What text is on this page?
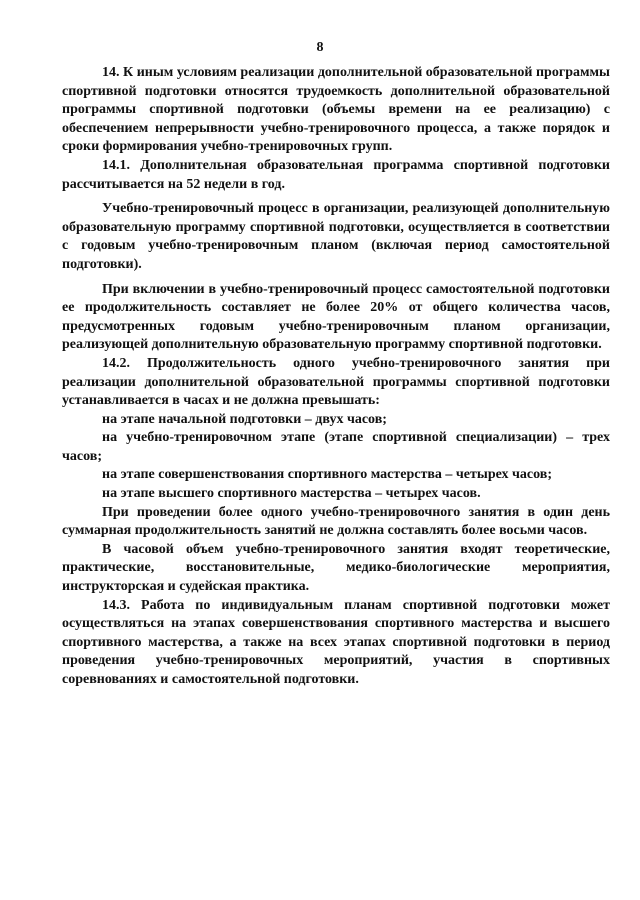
8

14. К иным условиям реализации дополнительной образовательной программы спортивной подготовки относятся трудоемкость дополнительной образовательной программы спортивной подготовки (объемы времени на ее реализацию) с обеспечением непрерывности учебно-тренировочного процесса, а также порядок и сроки формирования учебно-тренировочных групп.

14.1. Дополнительная образовательная программа спортивной подготовки рассчитывается на 52 недели в год.

Учебно-тренировочный процесс в организации, реализующей дополнительную образовательную программу спортивной подготовки, осуществляется в соответствии с годовым учебно-тренировочным планом (включая период самостоятельной подготовки).

При включении в учебно-тренировочный процесс самостоятельной подготовки ее продолжительность составляет не более 20% от общего количества часов, предусмотренных годовым учебно-тренировочным планом организации, реализующей дополнительную образовательную программу спортивной подготовки.

14.2. Продолжительность одного учебно-тренировочного занятия при реализации дополнительной образовательной программы спортивной подготовки устанавливается в часах и не должна превышать:

на этапе начальной подготовки – двух часов;

на учебно-тренировочном этапе (этапе спортивной специализации) – трех часов;

на этапе совершенствования спортивного мастерства – четырех часов;

на этапе высшего спортивного мастерства – четырех часов.

При проведении более одного учебно-тренировочного занятия в один день суммарная продолжительность занятий не должна составлять более восьми часов.

В часовой объем учебно-тренировочного занятия входят теоретические, практические, восстановительные, медико-биологические мероприятия, инструкторская и судейская практика.

14.3. Работа по индивидуальным планам спортивной подготовки может осуществляться на этапах совершенствования спортивного мастерства и высшего спортивного мастерства, а также на всех этапах спортивной подготовки в период проведения учебно-тренировочных мероприятий, участия в спортивных соревнованиях и самостоятельной подготовки.
